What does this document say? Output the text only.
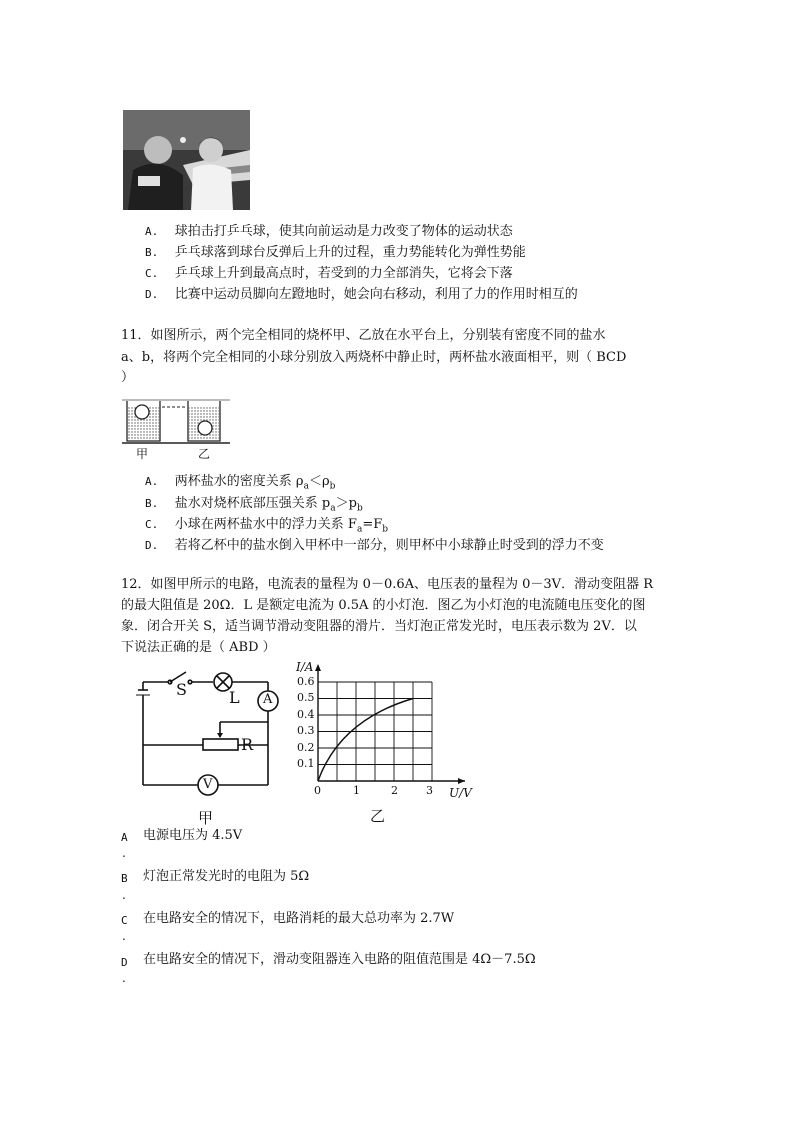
A. 球拍击打乒乓球，使其向前运动是力改变了物体的运动状态
B. 乒乓球落到球台反弹后上升的过程，重力势能转化为弹性势能
C. 乒乓球上升到最高点时，若受到的力全部消失，它将会下落
D. 比赛中运动员脚向左蹬地时，她会向右移动，利用了力的作用时相互的
11．如图所示，两个完全相同的烧杯甲、乙放在水平台上，分别装有密度不同的盐水
a、b，将两个完全相同的小球分别放入两烧杯中静止时，两杯盐水液面相平，则（ BCD
）
甲	乙
A. 两杯盐水的密度关系 $\rho_a<\rho_b$
B. 盐水对烧杯底部压强关系 $p_a>p_b$
C. 小球在两杯盐水中的浮力关系 $F_a=F_b$
D. 若将乙杯中的盐水倒入甲杯中一部分，则甲杯中小球静止时受到的浮力不变
12．如图甲所示的电路，电流表的量程为 0－0.6A、电压表的量程为 0－3V．滑动变阻器 R
的最大阻值是 20Ω．L 是额定电流为 0.5A 的小灯泡．图乙为小灯泡的电流随电压变化的图
象．闭合开关 S，适当调节滑动变阻器的滑片．当灯泡正常发光时，电压表示数为 2V．以
下说法正确的是（ ABD ）
S	L A
R
V
甲
I/A
U/V
0.6
0.5
0.4
0.3
0.2
0.1
0	1	2	3
乙
A 电源电压为 4.5V
.
B 灯泡正常发光时的电阻为 5Ω
.
C 在电路安全的情况下，电路消耗的最大总功率为 2.7W
.
D 在电路安全的情况下，滑动变阻器连入电路的阻值范围是 4Ω－7.5Ω
.
